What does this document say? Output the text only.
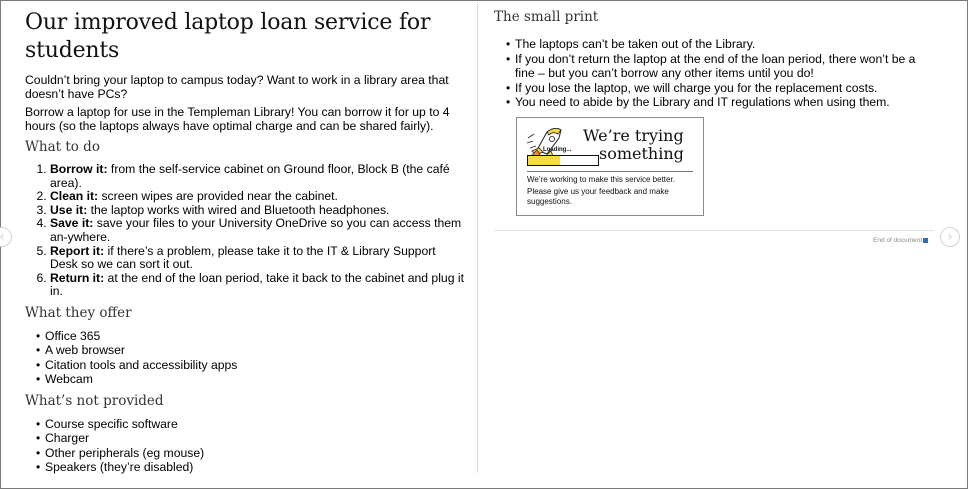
‹	›
Our improved laptop loan service for students

Couldn’t bring your laptop to campus today? Want to work in a library area that doesn’t have PCs?

Borrow a laptop for use in the Templeman Library! You can borrow it for up to 4 hours (so the laptops always have optimal charge and can be shared fairly).

What to do
1. Borrow it: from the self-service cabinet on Ground floor, Block B (the café area).
2. Clean it: screen wipes are provided near the cabinet.
3. Use it: the laptop works with wired and Bluetooth headphones.
4. Save it: save your files to your University OneDrive so you can access them an-ywhere.
5. Report it: if there’s a problem, please take it to the IT & Library Support Desk so we can sort it out.
6. Return it: at the end of the loan period, take it back to the cabinet and plug it in.
What they offer
• Office 365
• A web browser
• Citation tools and accessibility apps
• Webcam
What’s not provided
• Course specific software
• Charger
• Other peripherals (eg mouse)
• Speakers (they’re disabled)
The small print
• The laptops can’t be taken out of the Library.
• If you don’t return the laptop at the end of the loan period, there won’t be a fine – but you can’t borrow any other items until you do!
• If you lose the laptop, we will charge you for the replacement costs.
• You need to abide by the Library and IT regulations when using them.
We’re trying
something
Loading...
We’re working to make this service better.
Please give us your feedback and make suggestions.
End of document
